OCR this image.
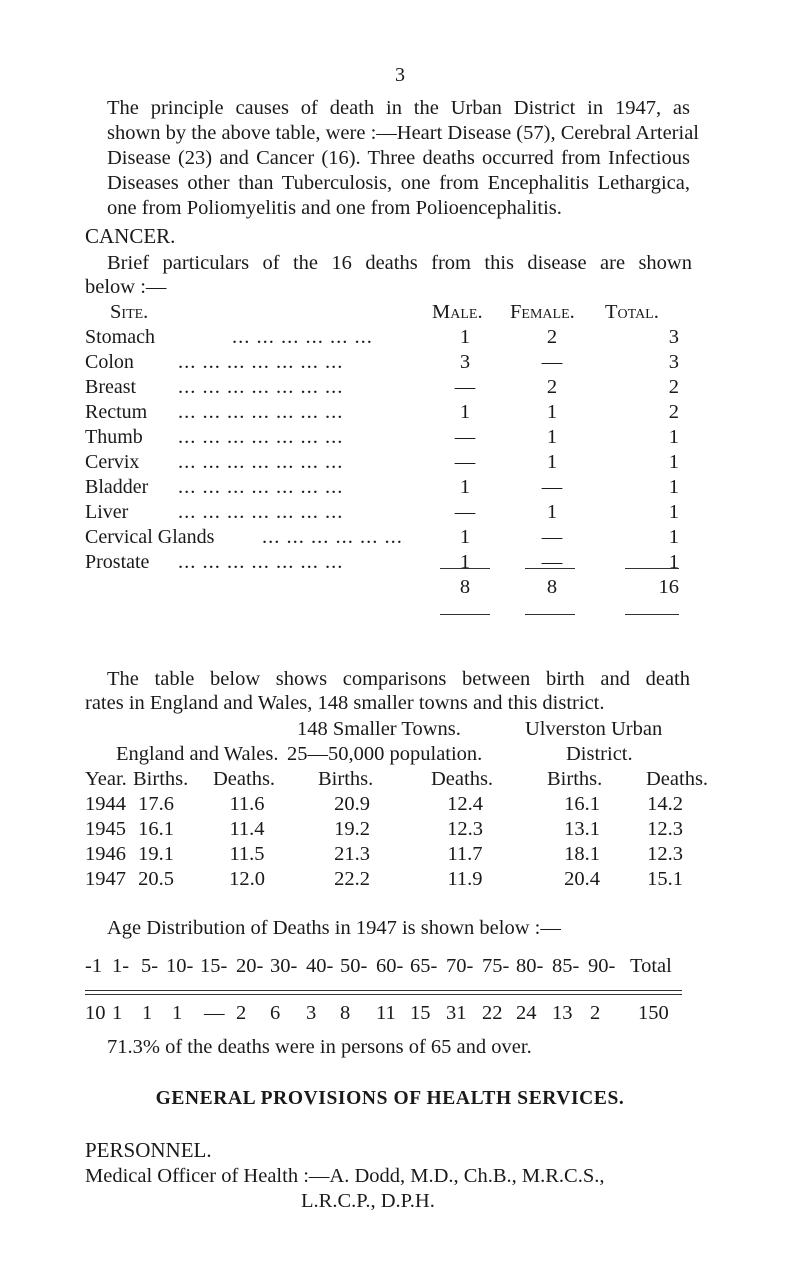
3
The principle causes of death in the Urban District in 1947, as
shown by the above table, were :—Heart Disease (57), Cerebral Arterial
Disease (23) and Cancer (16). Three deaths occurred from Infectious
Diseases other than Tuberculosis, one from Encephalitis Lethargica,
one from Poliomyelitis and one from Polioencephalitis.
CANCER.
Brief particulars of the 16 deaths from this disease are shown
below :—
Site.	Male. Female. Total.
Stomach	... ... ... ... ... ...	1	2	3
Colon ... ... ... ... ... ... ...	3	—	3
Breast ... ... ... ... ... ... ...	—	2	2
Rectum ... ... ... ... ... ... ...	1	1	2
Thumb ... ... ... ... ... ... ...	—	1	1
Cervix ... ... ... ... ... ... ...	—	1	1
Bladder ... ... ... ... ... ... ...	1	—	1
Liver ... ... ... ... ... ... ...	—	1	1
Cervical Glands ... ... ... ... ... ...	1	—	1
Prostate ... ... ... ... ... ... ...	1	—	1
8	8	16
The table below shows comparisons between birth and death
rates in England and Wales, 148 smaller towns and this district.
148 Smaller Towns.	Ulverston Urban
England and Wales. 25—50,000 population.	District.
Year. Births. Deaths. Births.	Deaths.	Births. Deaths.
1944 17.6	11.6	20.9	12.4	16.1	14.2
1945 16.1	11.4	19.2	12.3	13.1	12.3
1946 19.1	11.5	21.3	11.7	18.1	12.3
1947 20.5	12.0	22.2	11.9	20.4	15.1
Age Distribution of Deaths in 1947 is shown below :—
-1 1- 5- 10- 15- 20- 30- 40- 50- 60- 65- 70- 75- 80- 85- 90- Total
10 1 1 1 — 2 6 3 8 11 15 31 22 24 13 2 150
71.3% of the deaths were in persons of 65 and over.
GENERAL PROVISIONS OF HEALTH SERVICES.
PERSONNEL.
Medical Officer of Health :—A. Dodd, M.D., Ch.B., M.R.C.S.,
L.R.C.P., D.P.H.
